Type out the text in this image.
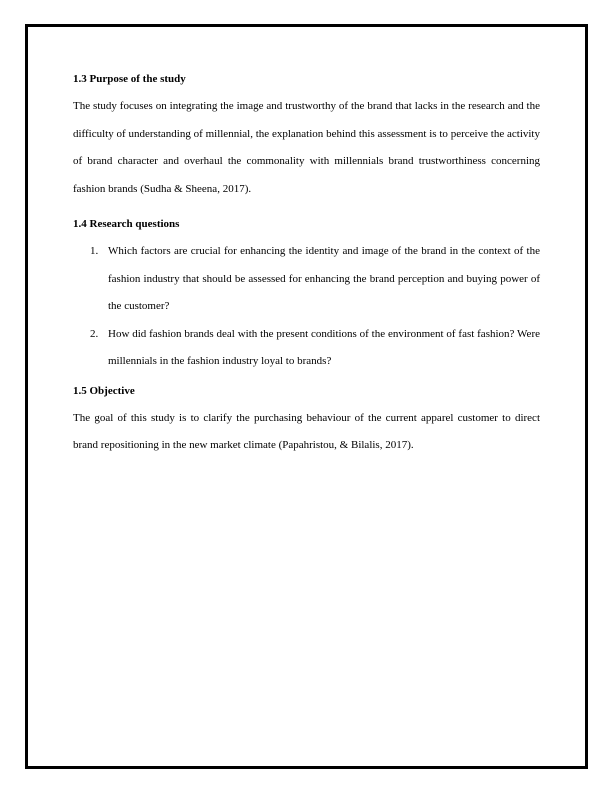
1.3 Purpose of the study

The study focuses on integrating the image and trustworthy of the brand that lacks in the research and the difficulty of understanding of millennial, the explanation behind this assessment is to perceive the activity of brand character and overhaul the commonality with millennials brand trustworthiness concerning fashion brands (Sudha & Sheena, 2017).

1.4 Research questions

1. Which factors are crucial for enhancing the identity and image of the brand in the context of the fashion industry that should be assessed for enhancing the brand perception and buying power of the customer?
2. How did fashion brands deal with the present conditions of the environment of fast fashion? Were millennials in the fashion industry loyal to brands?

1.5 Objective

The goal of this study is to clarify the purchasing behaviour of the current apparel customer to direct brand repositioning in the new market climate (Papahristou, & Bilalis, 2017).
